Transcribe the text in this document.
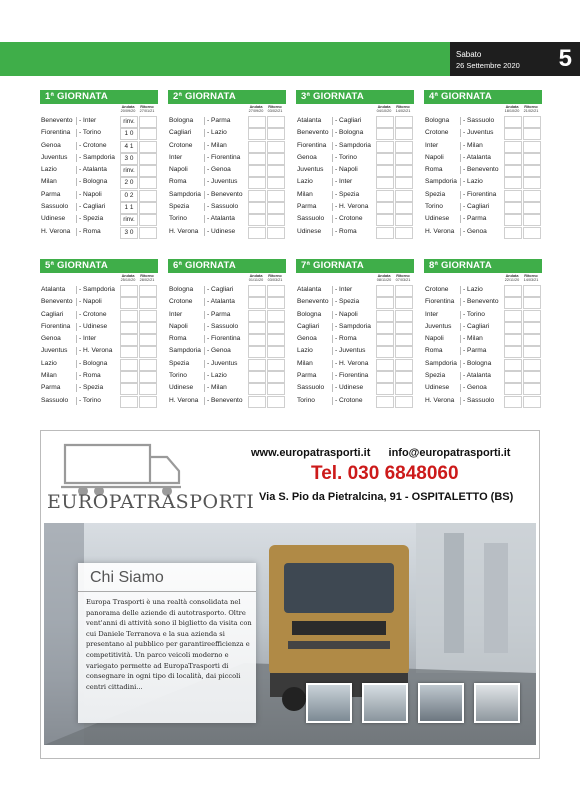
Sabato
26 Settembre 2020 5
1ª GIORNATA
Andata
20/09/20
Ritorno
27/01/21
Benevento - Inter	rinv.
Fiorentina	- Torino	1 0
Genoa	- Crotone	4 1
Juventus	- Sampdoria	3 0
Lazio	- Atalanta	rinv.
Milan	- Bologna	2 0
Parma	- Napoli	0 2
Sassuolo	- Cagliari	1 1
Udinese	- Spezia	rinv.
H. Verona	- Roma	3 0
2ª GIORNATA
Andata
27/09/20
Ritorno
03/02/21
Bologna	- Parma
Cagliari	- Lazio
Crotone	- Milan
Inter	- Fiorentina
Napoli	- Genoa
Roma	- Juventus
Sampdoria - Benevento
Spezia	- Sassuolo
Torino	- Atalanta
H. Verona	- Udinese
3ª GIORNATA
Andata
04/10/20
Ritorno
14/02/21
Atalanta	- Cagliari
Benevento - Bologna
Fiorentina	- Sampdoria
Genoa	- Torino
Juventus	- Napoli
Lazio	- Inter
Milan	- Spezia
Parma	- H. Verona
Sassuolo	- Crotone
Udinese	- Roma
4ª GIORNATA
Andata
18/10/20
Ritorno
21/02/21
Bologna	- Sassuolo
Crotone	- Juventus
Inter	- Milan
Napoli	- Atalanta
Roma	- Benevento
Sampdoria - Lazio
Spezia	- Fiorentina
Torino	- Cagliari
Udinese	- Parma
H. Verona	- Genoa
5ª GIORNATA
Andata
25/10/20
Ritorno
28/02/21
Atalanta	- Sampdoria
Benevento - Napoli
Cagliari	- Crotone
Fiorentina	- Udinese
Genoa	- Inter
Juventus	- H. Verona
Lazio	- Bologna
Milan	- Roma
Parma	- Spezia
Sassuolo	- Torino
6ª GIORNATA
Andata
01/11/20
Ritorno
03/03/21
Bologna	- Cagliari
Crotone	- Atalanta
Inter	- Parma
Napoli	- Sassuolo
Roma	- Fiorentina
Sampdoria - Genoa
Spezia	- Juventus
Torino	- Lazio
Udinese	- Milan
H. Verona	- Benevento
7ª GIORNATA
Andata
08/11/20
Ritorno
07/03/21
Atalanta	- Inter
Benevento - Spezia
Bologna	- Napoli
Cagliari	- Sampdoria
Genoa	- Roma
Lazio	- Juventus
Milan	- H. Verona
Parma	- Fiorentina
Sassuolo	- Udinese
Torino	- Crotone
8ª GIORNATA
Andata
22/11/20
Ritorno
14/03/21
Crotone	- Lazio
Fiorentina	- Benevento
Inter	- Torino
Juventus	- Cagliari
Napoli	- Milan
Roma	- Parma
Sampdoria - Bologna
Spezia	- Atalanta
Udinese	- Genoa
H. Verona	- Sassuolo
EUROPATRASPORTI
www.europatrasporti.it info@europatrasporti.it
Tel. 030 6848060
Via S. Pio da Pietralcina, 91 - OSPITALETTO (BS)
Chi Siamo
Europa Trasporti è una realtà consolidata nel panorama delle aziende di autotrasporto. Oltre vent'anni di attività sono il biglietto da visita con cui Daniele Terranova e la sua azienda si presentano al pubblico per garantireefficienza e competitività. Un parco veicoli moderno e variegato permette ad EuropaTrasporti di consegnare in ogni tipo di località, dai piccoli centri cittadini...
